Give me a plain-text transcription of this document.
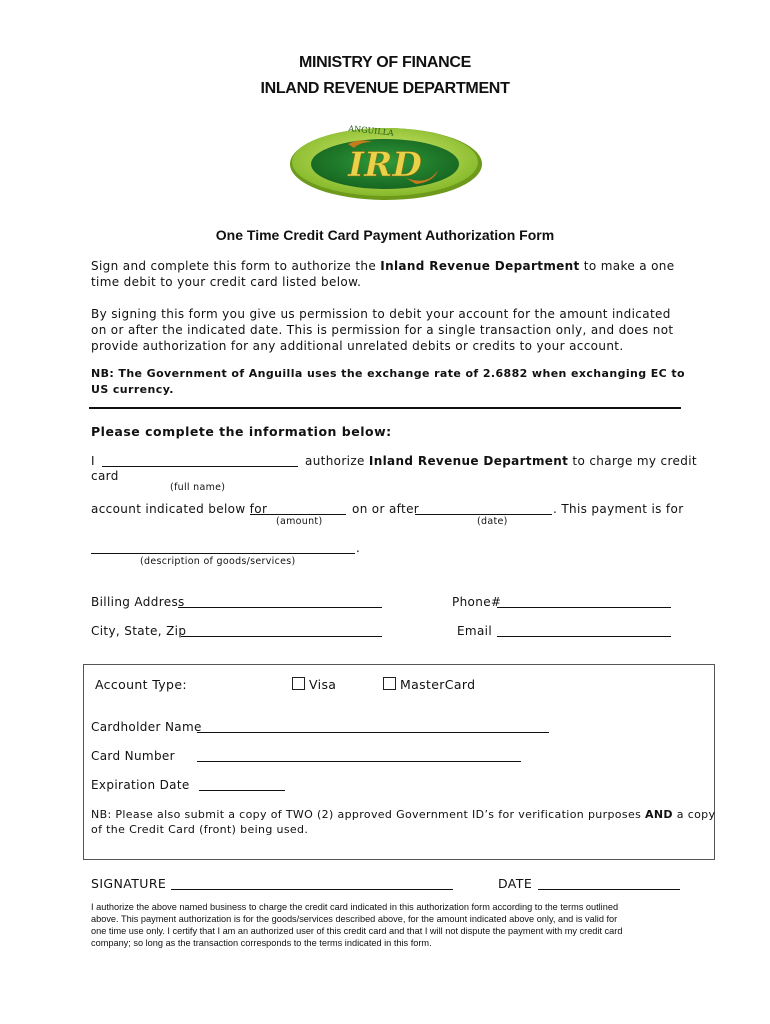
MINISTRY OF FINANCE
INLAND REVENUE DEPARTMENT
ANGUILLA
IRD
One Time Credit Card Payment Authorization Form
Sign and complete this form to authorize the Inland Revenue Department to make a one
time debit to your credit card listed below.
By signing this form you give us permission to debit your account for the amount indicated
on or after the indicated date. This is permission for a single transaction only, and does not
provide authorization for any additional unrelated debits or credits to your account.
NB: The Government of Anguilla uses the exchange rate of 2.6882 when exchanging EC to
US currency.
Please complete the information below:
I	authorize Inland Revenue Department to charge my credit
card
(full name)
account indicated below for	on or after	. This payment is for
(amount)	(date)
.
(description of goods/services)
Billing Address	Phone#
City, State, Zip	Email
Account Type:	Visa	MasterCard
Cardholder Name
Card Number
Expiration Date
NB: Please also submit a copy of TWO (2) approved Government ID’s for verification purposes AND a copy
of the Credit Card (front) being used.
SIGNATURE	DATE
I authorize the above named business to charge the credit card indicated in this authorization form according to the terms outlined
above. This payment authorization is for the goods/services described above, for the amount indicated above only, and is valid for
one time use only. I certify that I am an authorized user of this credit card and that I will not dispute the payment with my credit card
company; so long as the transaction corresponds to the terms indicated in this form.
